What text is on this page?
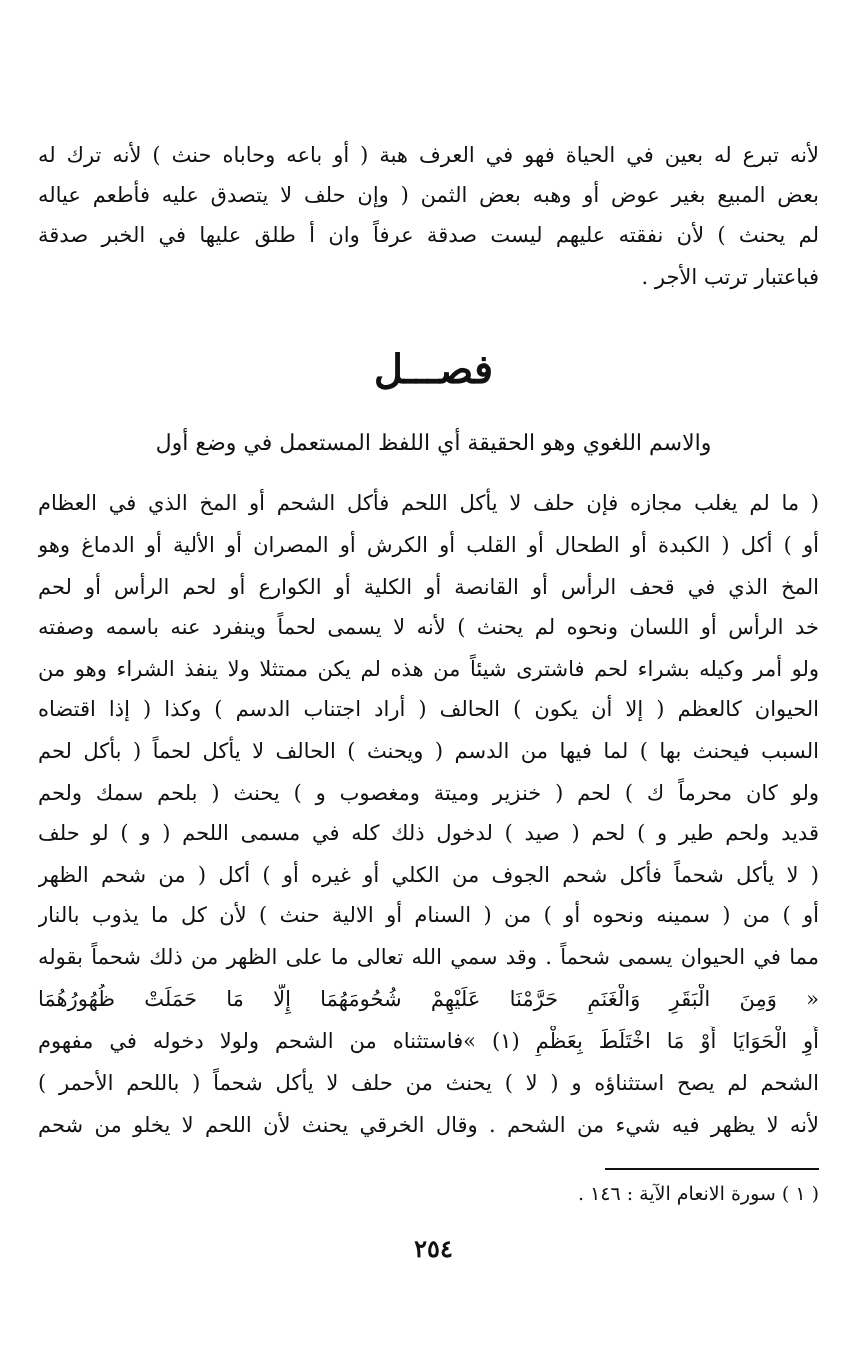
لأنه تبرع له بعين في الحياة فهو في العرف هبة ( أو باعه وحاباه حنث ) لأنه ترك له
بعض المبيع بغير عوض أو وهبه بعض الثمن ( وإن حلف لا يتصدق عليه فأطعم عياله
لم يحنث ) لأن نفقته عليهم ليست صدقة عرفاً وان أ طلق عليها في الخبر صدقة
فباعتبار ترتب الأجر .
فصـــل
والاسم اللغوي وهو الحقيقة أي اللفظ المستعمل في وضع أول
( ما لم يغلب مجازه فإن حلف لا يأكل اللحم فأكل الشحم أو المخ الذي في العظام
أو ) أكل ( الكبدة أو الطحال أو القلب أو الكرش أو المصران أو الألية أو الدماغ وهو
المخ الذي في قحف الرأس أو القانصة أو الكلية أو الكوارع أو لحم الرأس أو لحم
خد الرأس أو اللسان ونحوه لم يحنث ) لأنه لا يسمى لحماً وينفرد عنه باسمه وصفته
ولو أمر وكيله بشراء لحم فاشترى شيئاً من هذه لم يكن ممتثلا ولا ينفذ الشراء وهو من
الحيوان كالعظم ( إلا أن يكون ) الحالف ( أراد اجتناب الدسم ) وكذا ( إذا اقتضاه
السبب فيحنث بها ) لما فيها من الدسم ( ويحنث ) الحالف لا يأكل لحماً ( بأكل لحم
ولو كان محرماً ك ) لحم ( خنزير وميتة ومغصوب و ) يحنث ( بلحم سمك ولحم
قديد ولحم طير و ) لحم ( صيد ) لدخول ذلك كله في مسمى اللحم ( و ) لو حلف
( لا يأكل شحماً فأكل شحم الجوف من الكلي أو غيره أو ) أكل ( من شحم الظهر
أو ) من ( سمينه ونحوه أو ) من ( السنام أو الالية حنث ) لأن كل ما يذوب بالنار
مما في الحيوان يسمى شحماً . وقد سمي الله تعالى ما على الظهر من ذلك شحماً بقوله
« وَمِنَ الْبَقَرِ وَالْغَنَمِ حَرَّمْنَا عَلَيْهِمْ شُحُومَهُمَا إِلَّا مَا حَمَلَتْ ظُهُورُهُمَا
أَوِ الْحَوَايَا أَوْ مَا اخْتَلَطَ بِعَظْمٍ (١) »فاستثناه من الشحم ولولا دخوله في مفهوم
الشحم لم يصح استثناؤه و ( لا ) يحنث من حلف لا يأكل شحماً ( باللحم الأحمر )
لأنه لا يظهر فيه شيء من الشحم . وقال الخرقي يحنث لأن اللحم لا يخلو من شحم
( ١ ) سورة الانعام الآية : ١٤٦ .
٢٥٤
